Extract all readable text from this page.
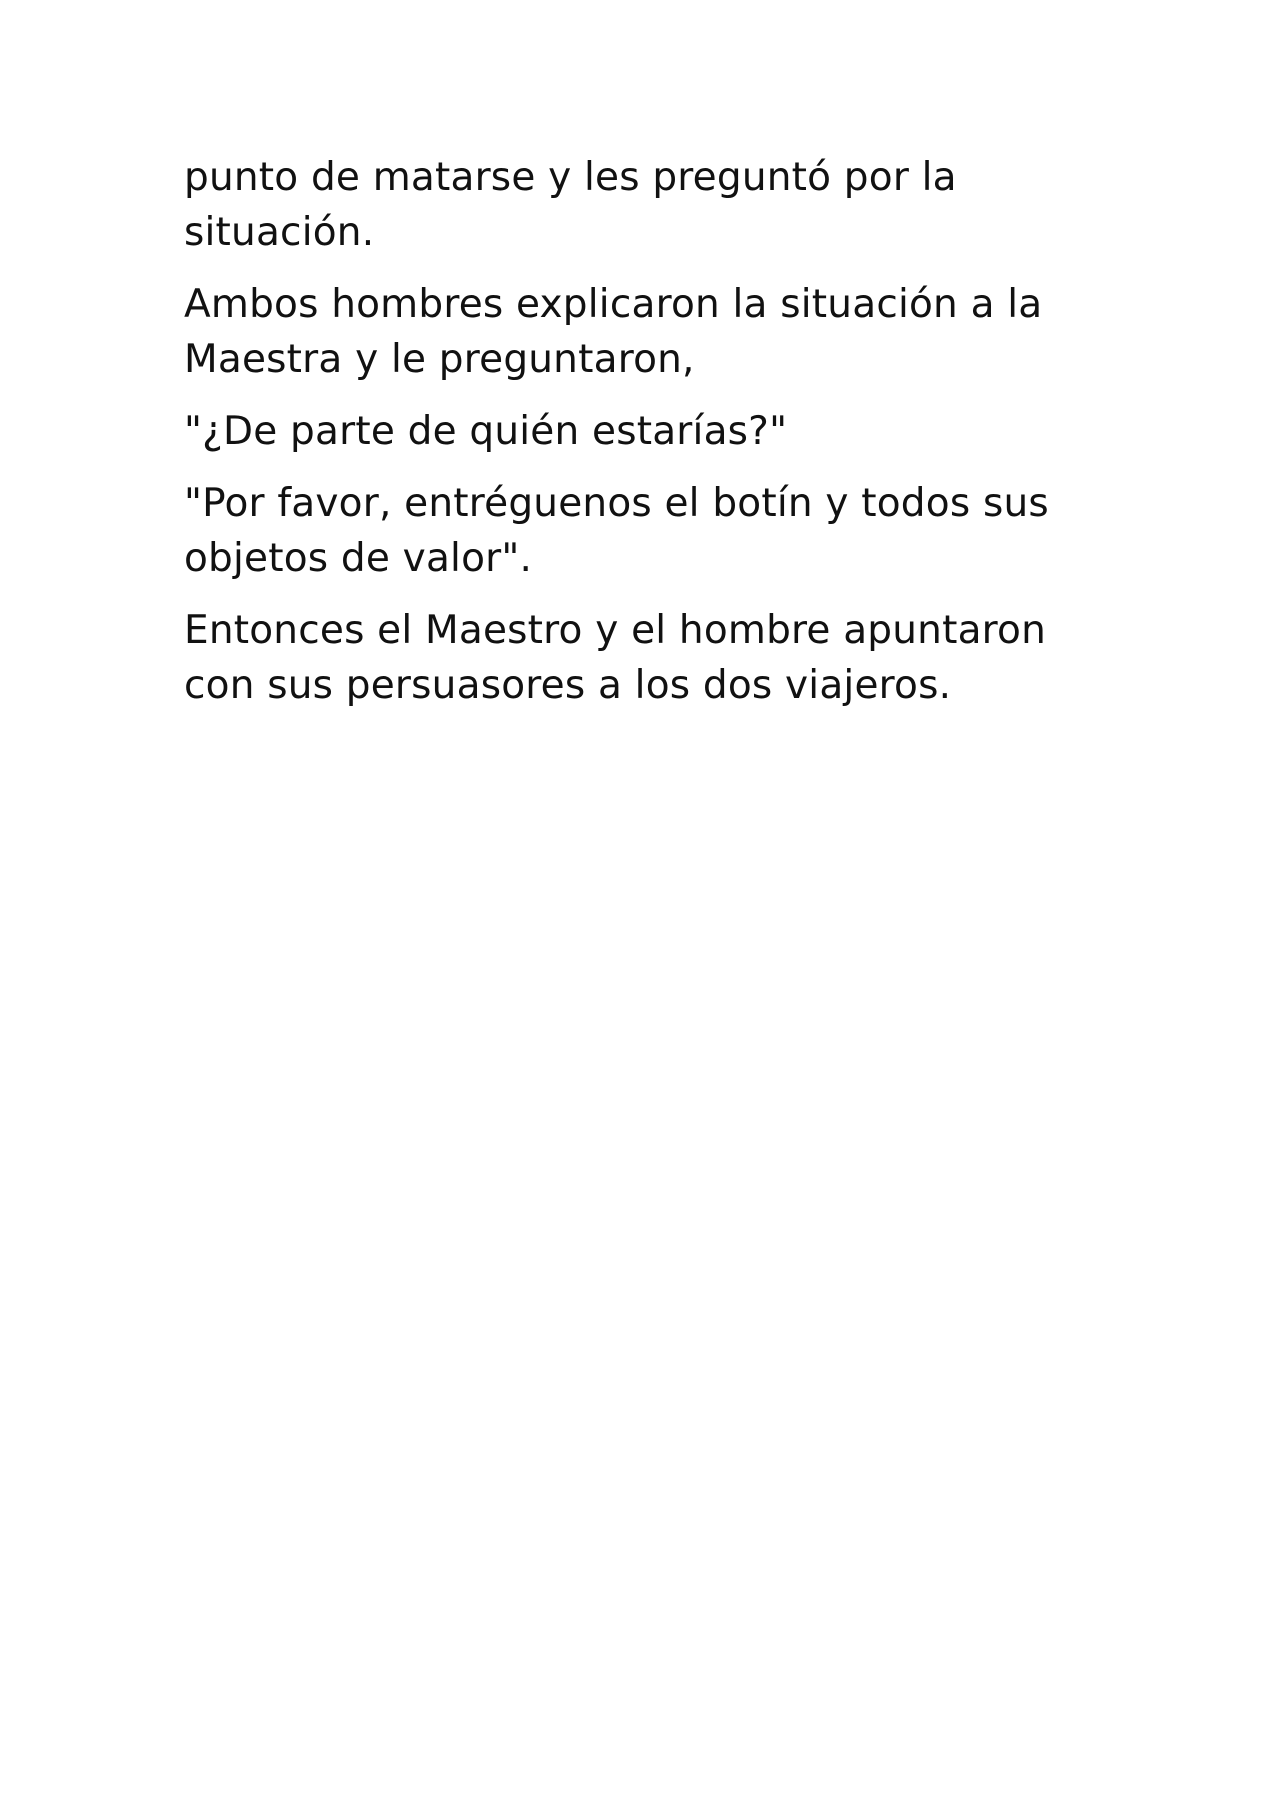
punto de matarse y les preguntó por la
situación.

Ambos hombres explicaron la situación a la
Maestra y le preguntaron,

"¿De parte de quién estarías?"

"Por favor, entréguenos el botín y todos sus
objetos de valor".

Entonces el Maestro y el hombre apuntaron
con sus persuasores a los dos viajeros.
